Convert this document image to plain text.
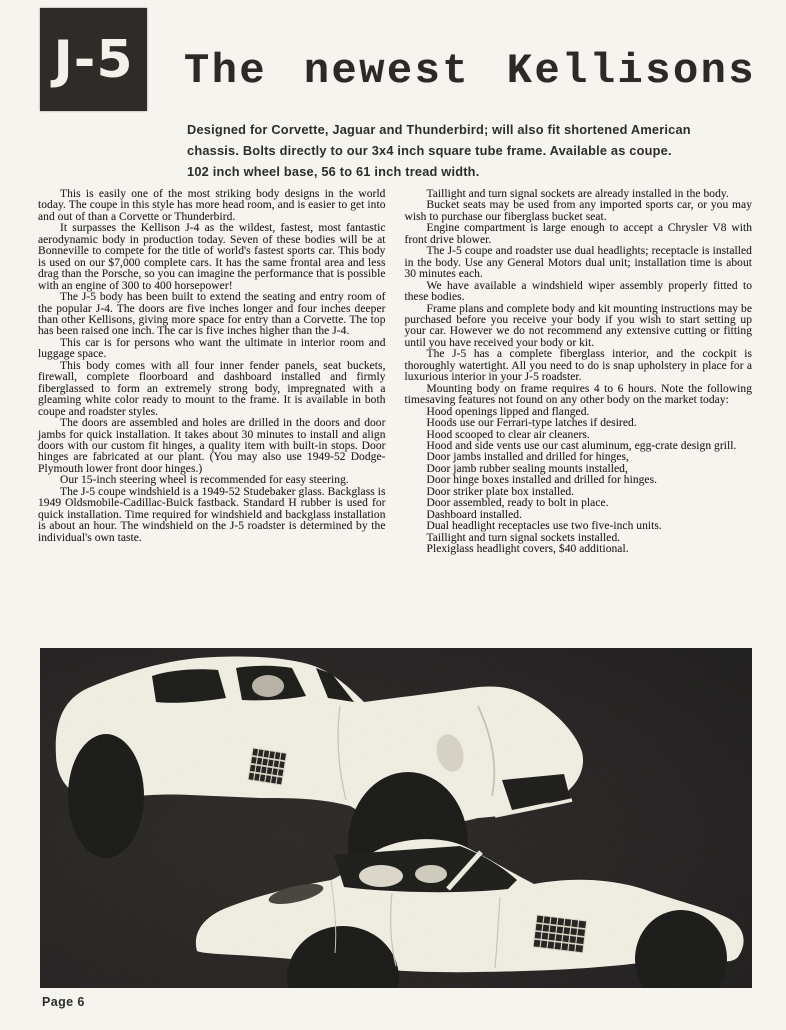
J-5 The newest Kellisons
Designed for Corvette, Jaguar and Thunderbird; will also fit shortened American
chassis. Bolts directly to our 3x4 inch square tube frame. Available as coupe.
102 inch wheel base, 56 to 61 inch tread width.

This is easily one of the most striking body designs in the world today. The coupe in this style has more head room, and is easier to get into and out of than a Corvette or Thunderbird.

It surpasses the Kellison J-4 as the wildest, fastest, most fantastic aerodynamic body in production today. Seven of these bodies will be at Bonneville to compete for the title of world's fastest sports car. This body is used on our $7,000 complete cars. It has the same frontal area and less drag than the Porsche, so you can imagine the performance that is possible with an engine of 300 to 400 horsepower!

The J-5 body has been built to extend the seating and entry room of the popular J-4. The doors are five inches longer and four inches deeper than other Kellisons, giving more space for entry than a Corvette. The top has been raised one inch. The car is five inches higher than the J-4.

This car is for persons who want the ultimate in interior room and luggage space.

This body comes with all four inner fender panels, seat buckets, firewall, complete floorboard and dashboard installed and firmly fiberglassed to form an extremely strong body, impregnated with a gleaming white color ready to mount to the frame. It is available in both coupe and roadster styles.

The doors are assembled and holes are drilled in the doors and door jambs for quick installation. It takes about 30 minutes to install and align doors with our custom fit hinges, a quality item with built-in stops. Door hinges are fabricated at our plant. (You may also use 1949-52 Dodge-Plymouth lower front door hinges.)

Our 15-inch steering wheel is recommended for easy steering.

The J-5 coupe windshield is a 1949-52 Studebaker glass. Backglass is 1949 Oldsmobile-Cadillac-Buick fastback. Standard H rubber is used for quick installation. Time required for windshield and backglass installation is about an hour. The windshield on the J-5 roadster is determined by the individual's own taste.

Taillight and turn signal sockets are already installed in the body.

Bucket seats may be used from any imported sports car, or you may wish to purchase our fiberglass bucket seat.

Engine compartment is large enough to accept a Chrysler V8 with front drive blower.

The J-5 coupe and roadster use dual headlights; receptacle is installed in the body. Use any General Motors dual unit; installation time is about 30 minutes each.

We have available a windshield wiper assembly properly fitted to these bodies.

Frame plans and complete body and kit mounting instructions may be purchased before you receive your body if you wish to start setting up your car. However we do not recommend any extensive cutting or fitting until you have received your body or kit.

The J-5 has a complete fiberglass interior, and the cockpit is thoroughly watertight. All you need to do is snap upholstery in place for a luxurious interior in your J-5 roadster.

Mounting body on frame requires 4 to 6 hours. Note the following timesaving features not found on any other body on the market today:

Hood openings lipped and flanged.
Hoods use our Ferrari-type latches if desired.
Hood scooped to clear air cleaners.
Hood and side vents use our cast aluminum, egg-crate design grill.
Door jambs installed and drilled for hinges,
Door jamb rubber sealing mounts installed,
Door hinge boxes installed and drilled for hinges.
Door striker plate box installed.
Door assembled, ready to bolt in place.
Dashboard installed.
Dual headlight receptacles use two five-inch units.
Taillight and turn signal sockets installed.
Plexiglass headlight covers, $40 additional.
Page 6
